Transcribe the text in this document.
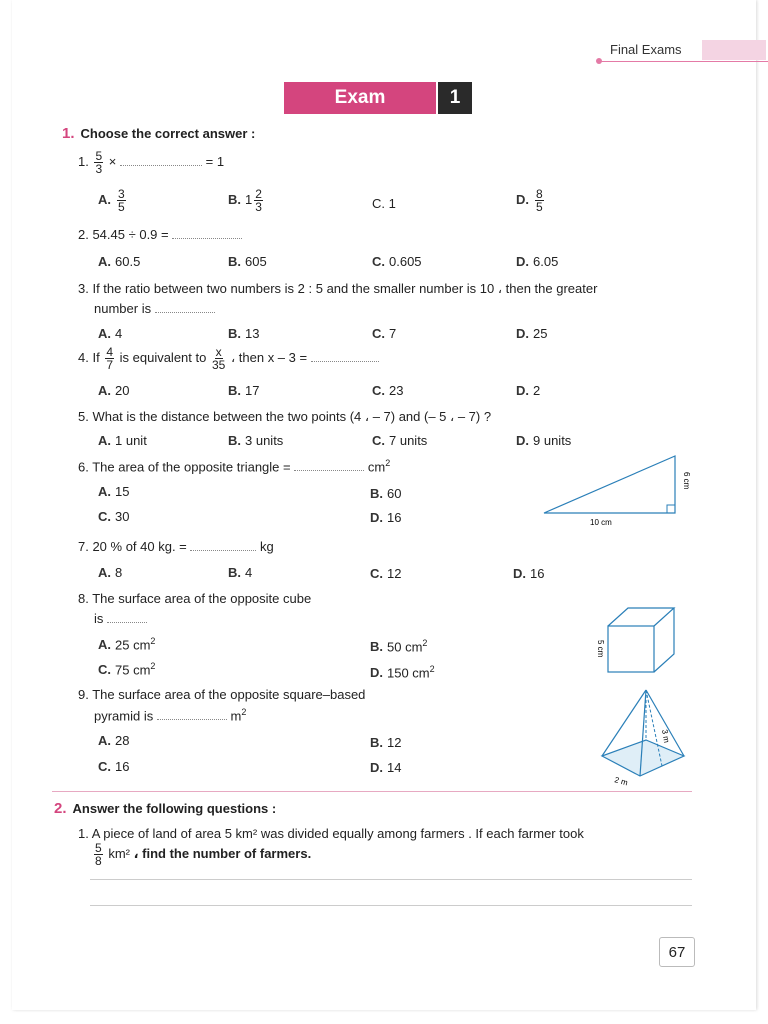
Final Exams
Exam	1
1. Choose the correct answer :
1. $\frac{5}{3}$ ×	= 1
A. $\frac{3}{5}$	B. $1 \frac{2}{3}$	C. 1	D. $\frac{8}{5}$
2. 54.45 ÷ 0.9 =
A. 60.5	B. 605	C. 0.605	D. 6.05
3. If the ratio between two numbers is 2 : 5 and the smaller number is 10 ، then the greater
number is
A. 4	B. 13	C. 7	D. 25
4. If $\frac{4}{7}$ is equivalent to $\frac{x}{35}$ ، then x – 3 =
A. 20	B. 17	C. 23	D. 2
5. What is the distance between the two points (4 ، – 7) and (– 5 ، – 7) ?
A. 1 unit	B. 3 units	C. 7 units	D. 9 units
6. The area of the opposite triangle =	$cm^2$
A. 15	B. 60
C. 30	D. 16	10 cm
6 cm
7. 20 % of 40 kg. =	kg
A. 8	B. 4	C. 12	D. 16
8. The surface area of the opposite cube
is
A. 25 $cm^2$	B. 50 $cm^2$
C. 75 $cm^2$	D. 150 $cm^2$
5 cm
9. The surface area of the opposite square–based
pyramid is	$m^2$
A. 28	B. 12
C. 16	D. 14
3 m
2 m
2. Answer the following questions :
1. A piece of land of area 5 km² was divided equally among farmers . If each farmer took
$\frac{5}{8} km^2$ ، find the number of farmers.
67
